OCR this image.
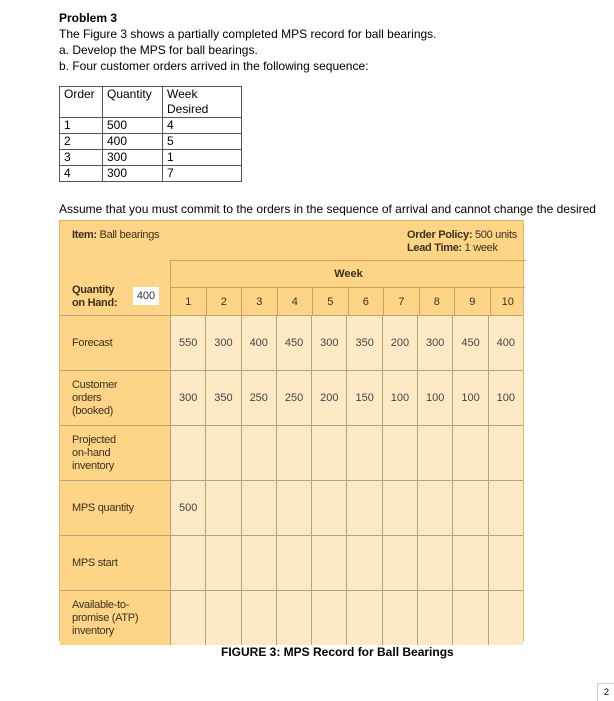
Problem 3
The Figure 3 shows a partially completed MPS record for ball bearings.
a. Develop the MPS for ball bearings.
b. Four customer orders arrived in the following sequence:
Order	Quantity	Week
Desired

1	500	4
2	400	5
3	300	1
4	300	7
Assume that you must commit to the orders in the sequence of arrival and cannot change the desired
Item: Ball bearings	Order Policy: 500 units
Lead Time: 1 week
Quantity
on Hand:
400
Week
1	2	3	4	5	6	7	8	9	10
Forecast	550	300	400	450	300	350	200	300	450	400
Customer
orders
(booked)
300	350	250	250	200	150	100	100	100	100
Projected
on-hand
inventory
MPS quantity	500
MPS start
Available-to-
promise (ATP)
inventory
FIGURE 3: MPS Record for Ball Bearings
2
